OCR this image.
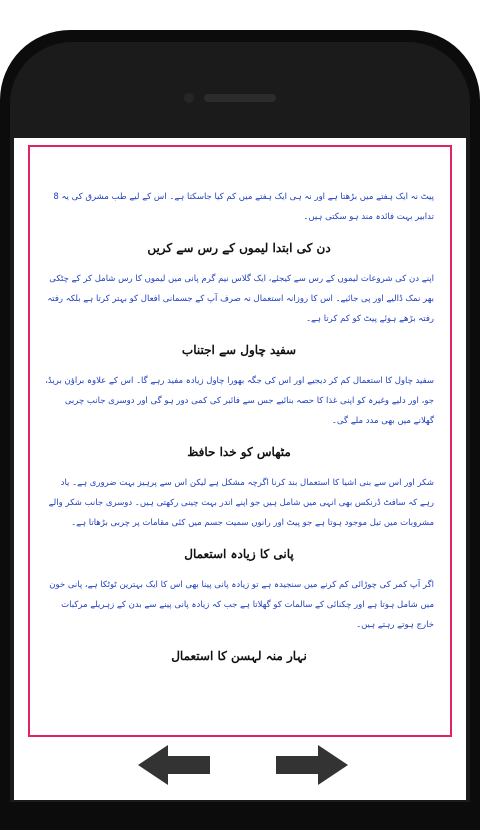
پیٹ نہ ایک ہفتے میں بڑھتا ہے اور نہ ہی ایک ہفتے میں کم کیا جاسکتا ہے۔ اس کے لیے طب مشرق کی یہ 8 تدابیر بہت فائدہ مند ہو سکتی ہیں۔

دن کی ابتدا لیموں کے رس سے کریں

اپنے دن کی شروعات لیموں کے رس سے کیجئے، ایک گلاس نیم گرم پانی میں لیموں کا رس شامل کر کے چٹکی بھر نمک ڈالیے اور پی جائیے۔ اس کا روزانہ استعمال نہ صرف آپ کے جسمانی افعال کو بہتر کرتا ہے بلکہ رفتہ رفتہ بڑھے ہوئے پیٹ کو کم کرتا ہے۔

سفید چاول سے اجتناب

سفید چاول کا استعمال کم کر دیجیے اور اس کی جگہ بھورا چاول زیادہ مفید رہے گا۔ اس کے علاوہ براؤن بریڈ، جو، اور دلیے وغیرہ کو اپنی غذا کا حصہ بنائیے جس سے فائبر کی کمی دور ہو گی اور دوسری جانب چربی گھلانے میں بھی مدد ملے گی۔

مٹھاس کو خدا حافظ

شکر اور اس سے بنی اشیا کا استعمال بند کرنا اگرچہ مشکل ہے لیکن اس سے پرہیز بہت ضروری ہے۔ یاد رہے کہ سافٹ ڈرنکس بھی انہی میں شامل ہیں جو اپنے اندر بہت چینی رکھتی ہیں۔ دوسری جانب شکر والے مشروبات میں تیل موجود ہوتا ہے جو پیٹ اور رانوں سمیت جسم میں کئی مقامات پر چربی بڑھاتا ہے۔

پانی کا زیادہ استعمال

اگر آپ کمر کی چوڑائی کم کرنے میں سنجیدہ ہے تو زیادہ پانی پینا بھی اس کا ایک بہترین ٹوٹکا ہے، پانی خون میں شامل ہوتا ہے اور چکنائی کے سالمات کو گھلاتا ہے جب کہ زیادہ پانی پینے سے بدن کے زہریلے مرکبات خارج ہوتے رہتے ہیں۔

نہار منہ لہسن کا استعمال
